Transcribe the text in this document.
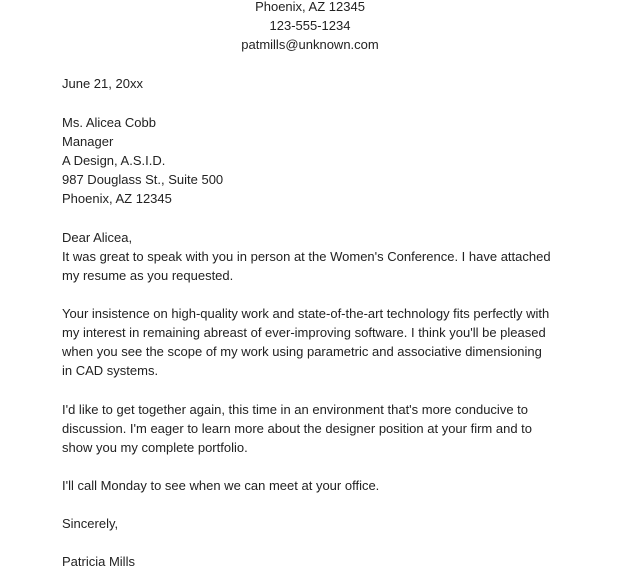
Phoenix, AZ 12345
123-555-1234
patmills@unknown.com
June 21, 20xx
Ms. Alicea Cobb
Manager
A Design, A.S.I.D.
987 Douglass St., Suite 500
Phoenix, AZ 12345
Dear Alicea,
It was great to speak with you in person at the Women's Conference. I have attached
my resume as you requested.
Your insistence on high-quality work and state-of-the-art technology fits perfectly with
my interest in remaining abreast of ever-improving software. I think you'll be pleased
when you see the scope of my work using parametric and associative dimensioning
in CAD systems.
I'd like to get together again, this time in an environment that's more conducive to
discussion. I'm eager to learn more about the designer position at your firm and to
show you my complete portfolio.
I'll call Monday to see when we can meet at your office.
Sincerely,
Patricia Mills
